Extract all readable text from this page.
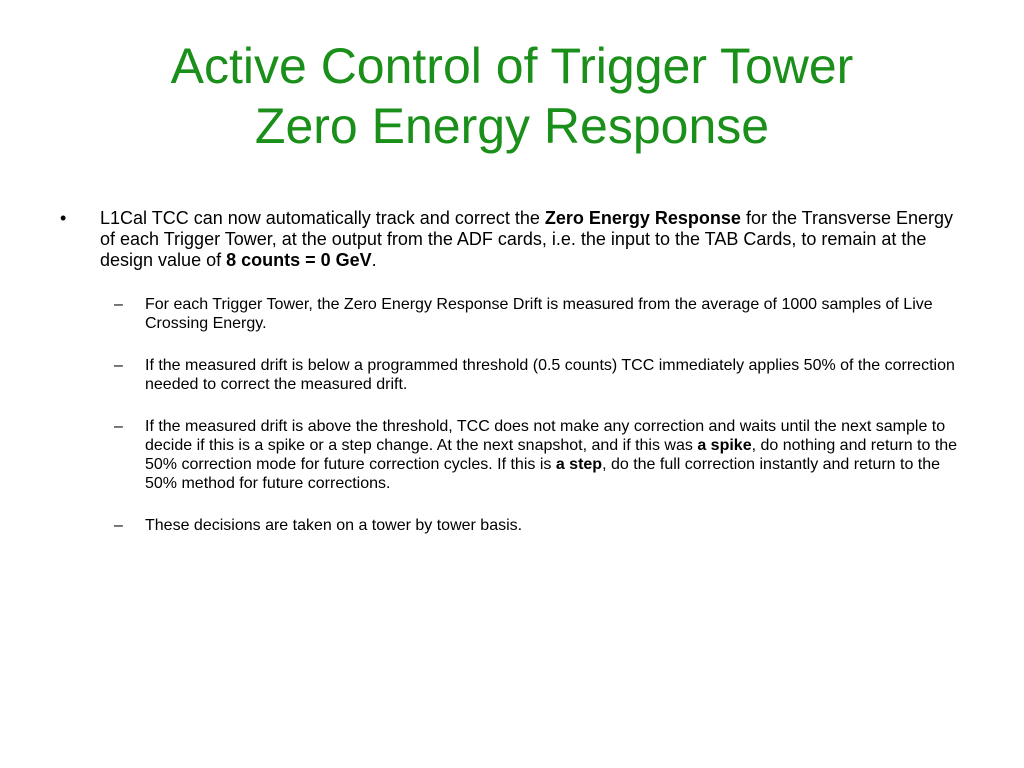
Active Control of Trigger Tower
Zero Energy Response
•	L1Cal TCC can now automatically track and correct the Zero Energy Response for the Transverse Energy of each Trigger Tower, at the output from the ADF cards, i.e. the input to the TAB Cards, to remain at the design value of 8 counts = 0 GeV.
– For each Trigger Tower, the Zero Energy Response Drift is measured from the average of 1000 samples of Live Crossing Energy.
– If the measured drift is below a programmed threshold (0.5 counts) TCC immediately applies 50% of the correction needed to correct the measured drift.
– If the measured drift is above the threshold, TCC does not make any correction and waits until the next sample to decide if this is a spike or a step change. At the next snapshot, and if this was a spike, do nothing and return to the 50% correction mode for future correction cycles. If this is a step, do the full correction instantly and return to the 50% method for future corrections.
– These decisions are taken on a tower by tower basis.
